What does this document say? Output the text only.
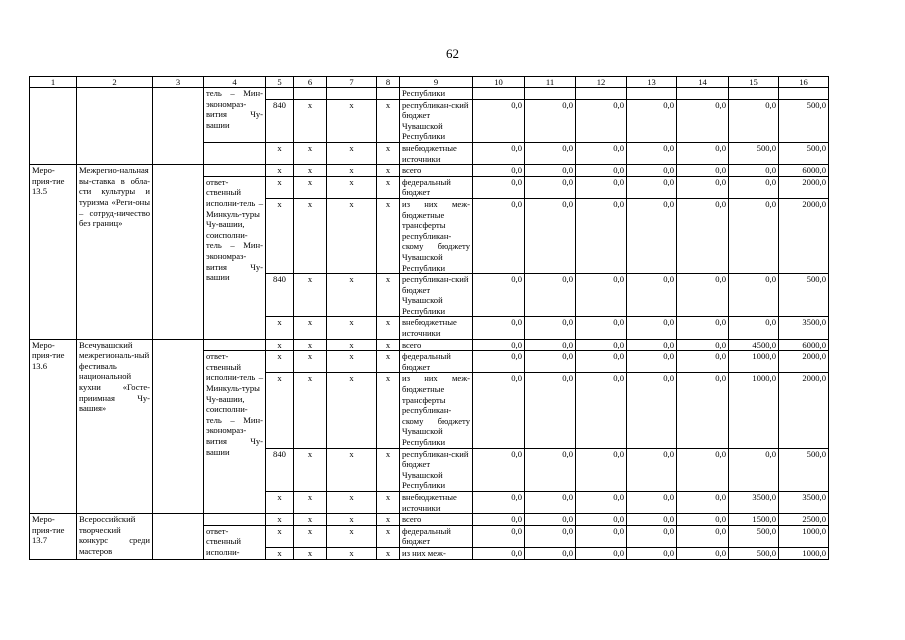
62
1	2	3	4	5	6	7	8	9	10	11	12	13	14	15	16
			тель – Мин-экономраз-вития Чу-вашии					Республики							
				840	х	х	х	республикан-ский бюджет Чувашской Республики	0,0	0,0	0,0	0,0	0,0	0,0	500,0
				х	х	х	х	внебюджетные источники	0,0	0,0	0,0	0,0	0,0	500,0	500,0
Меро-прия-тие 13.5	Межрегио-нальная вы-ставка в обла-сти культуры и туризма «Реги-оны – сотруд-ничество без границ»			х	х	х	х	всего	0,0	0,0	0,0	0,0	0,0	0,0	6000,0
			ответ-ственный исполни-тель – Минкуль-туры Чу-вашии, соисполни-тель – Мин-экономраз-вития Чу-вашии	х	х	х	х	федеральный бюджет	0,0	0,0	0,0	0,0	0,0	0,0	2000,0
				х	х	х	х	из них меж-бюджетные трансферты республикан-скому бюджету Чувашской Республики	0,0	0,0	0,0	0,0	0,0	0,0	2000,0
				840	х	х	х	республикан-ский бюджет Чувашской Республики	0,0	0,0	0,0	0,0	0,0	0,0	500,0
				х	х	х	х	внебюджетные источники	0,0	0,0	0,0	0,0	0,0	0,0	3500,0
Меро-прия-тие 13.6	Всечувашский межрегиональ-ный фестиваль национальной кухни «Госте-приимная Чу-вашия»			х	х	х	х	всего	0,0	0,0	0,0	0,0	0,0	4500,0	6000,0
			ответ-ственный исполни-тель – Минкуль-туры Чу-вашии, соисполни-тель – Мин-экономраз-вития Чу-вашии	х	х	х	х	федеральный бюджет	0,0	0,0	0,0	0,0	0,0	1000,0	2000,0
				х	х	х	х	из них меж-бюджетные трансферты республикан-скому бюджету Чувашской Республики	0,0	0,0	0,0	0,0	0,0	1000,0	2000,0
				840	х	х	х	республикан-ский бюджет Чувашской Республики	0,0	0,0	0,0	0,0	0,0	0,0	500,0
				х	х	х	х	внебюджетные источники	0,0	0,0	0,0	0,0	0,0	3500,0	3500,0
Меро-прия-тие 13.7	Всероссийский творческий конкурс среди мастеров			х	х	х	х	всего	0,0	0,0	0,0	0,0	0,0	1500,0	2500,0
			ответ-ственный исполни-	х	х	х	х	федеральный бюджет	0,0	0,0	0,0	0,0	0,0	500,0	1000,0
				х	х	х	х	из них меж-	0,0	0,0	0,0	0,0	0,0	500,0	1000,0
